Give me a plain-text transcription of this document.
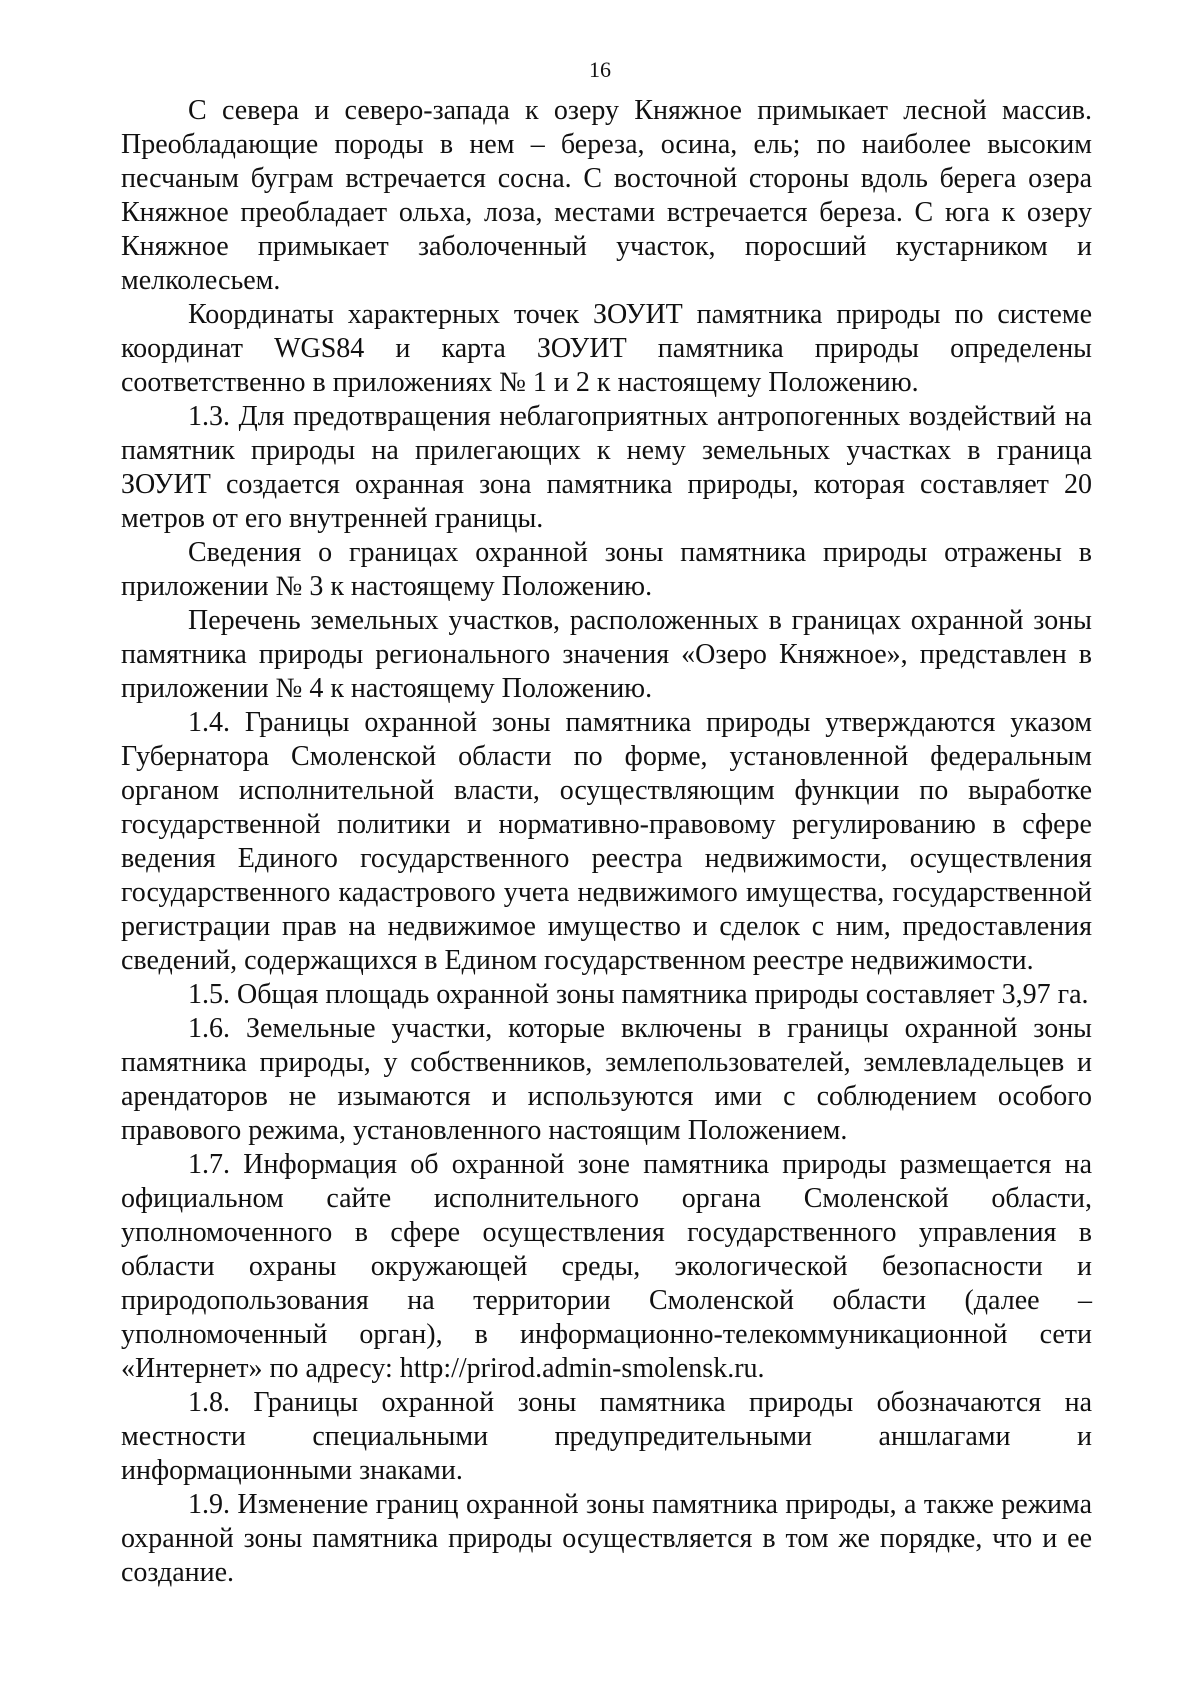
16

С севера и северо-запада к озеру Княжное примыкает лесной массив. Преобладающие породы в нем – береза, осина, ель; по наиболее высоким песчаным буграм встречается сосна. С восточной стороны вдоль берега озера Княжное преобладает ольха, лоза, местами встречается береза. С юга к озеру Княжное примыкает заболоченный участок, поросший кустарником и мелколесьем.

Координаты характерных точек ЗОУИТ памятника природы по системе координат WGS84 и карта ЗОУИТ памятника природы определены соответственно в приложениях № 1 и 2 к настоящему Положению.

1.3. Для предотвращения неблагоприятных антропогенных воздействий на памятник природы на прилегающих к нему земельных участках в граница ЗОУИТ создается охранная зона памятника природы, которая составляет 20 метров от его внутренней границы.

Сведения о границах охранной зоны памятника природы отражены в приложении № 3 к настоящему Положению.

Перечень земельных участков, расположенных в границах охранной зоны памятника природы регионального значения «Озеро Княжное», представлен в приложении № 4 к настоящему Положению.

1.4. Границы охранной зоны памятника природы утверждаются указом Губернатора Смоленской области по форме, установленной федеральным органом исполнительной власти, осуществляющим функции по выработке государственной политики и нормативно-правовому регулированию в сфере ведения Единого государственного реестра недвижимости, осуществления государственного кадастрового учета недвижимого имущества, государственной регистрации прав на недвижимое имущество и сделок с ним, предоставления сведений, содержащихся в Едином государственном реестре недвижимости.

1.5. Общая площадь охранной зоны памятника природы составляет 3,97 га.

1.6. Земельные участки, которые включены в границы охранной зоны памятника природы, у собственников, землепользователей, землевладельцев и арендаторов не изымаются и используются ими с соблюдением особого правового режима, установленного настоящим Положением.

1.7. Информация об охранной зоне памятника природы размещается на официальном сайте исполнительного органа Смоленской области, уполномоченного в сфере осуществления государственного управления в области охраны окружающей среды, экологической безопасности и природопользования на территории Смоленской области (далее – уполномоченный орган), в информационно-телекоммуникационной сети «Интернет» по адресу: http://prirod.admin-smolensk.ru.

1.8. Границы охранной зоны памятника природы обозначаются на местности специальными предупредительными аншлагами и информационными знаками.

1.9. Изменение границ охранной зоны памятника природы, а также режима охранной зоны памятника природы осуществляется в том же порядке, что и ее создание.
